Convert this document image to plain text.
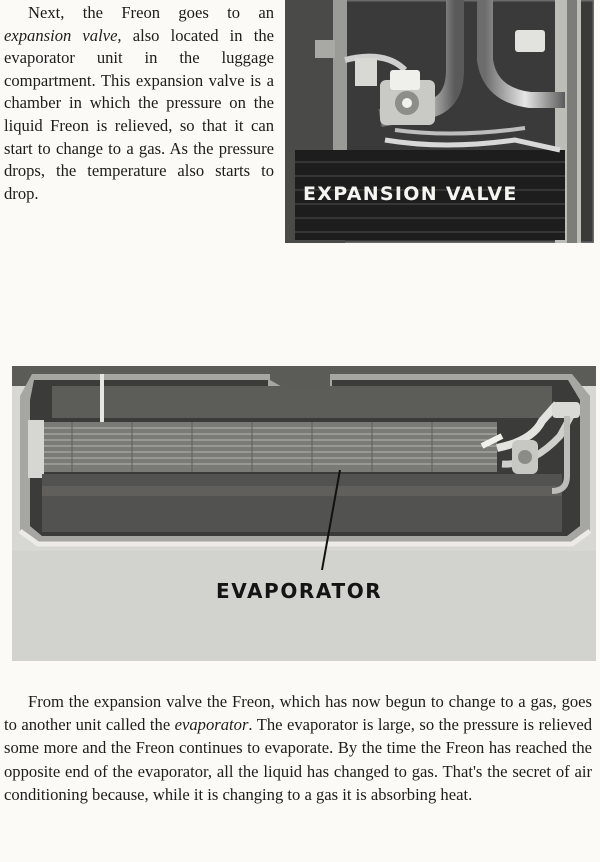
Next, the Freon goes to an expansion valve, also located in the evaporator unit in the luggage compartment. This expansion valve is a chamber in which the pressure on the liquid Freon is relieved, so that it can start to change to a gas. As the pressure drops, the temperature also starts to drop.	EXPANSION VALVE
EVAPORATOR

From the expansion valve the Freon, which has now begun to change to a gas, goes to another unit called the evaporator. The evaporator is large, so the pressure is relieved some more and the Freon continues to evaporate. By the time the Freon has reached the opposite end of the evaporator, all the liquid has changed to gas. That's the secret of air conditioning because, while it is changing to a gas it is absorbing heat.
